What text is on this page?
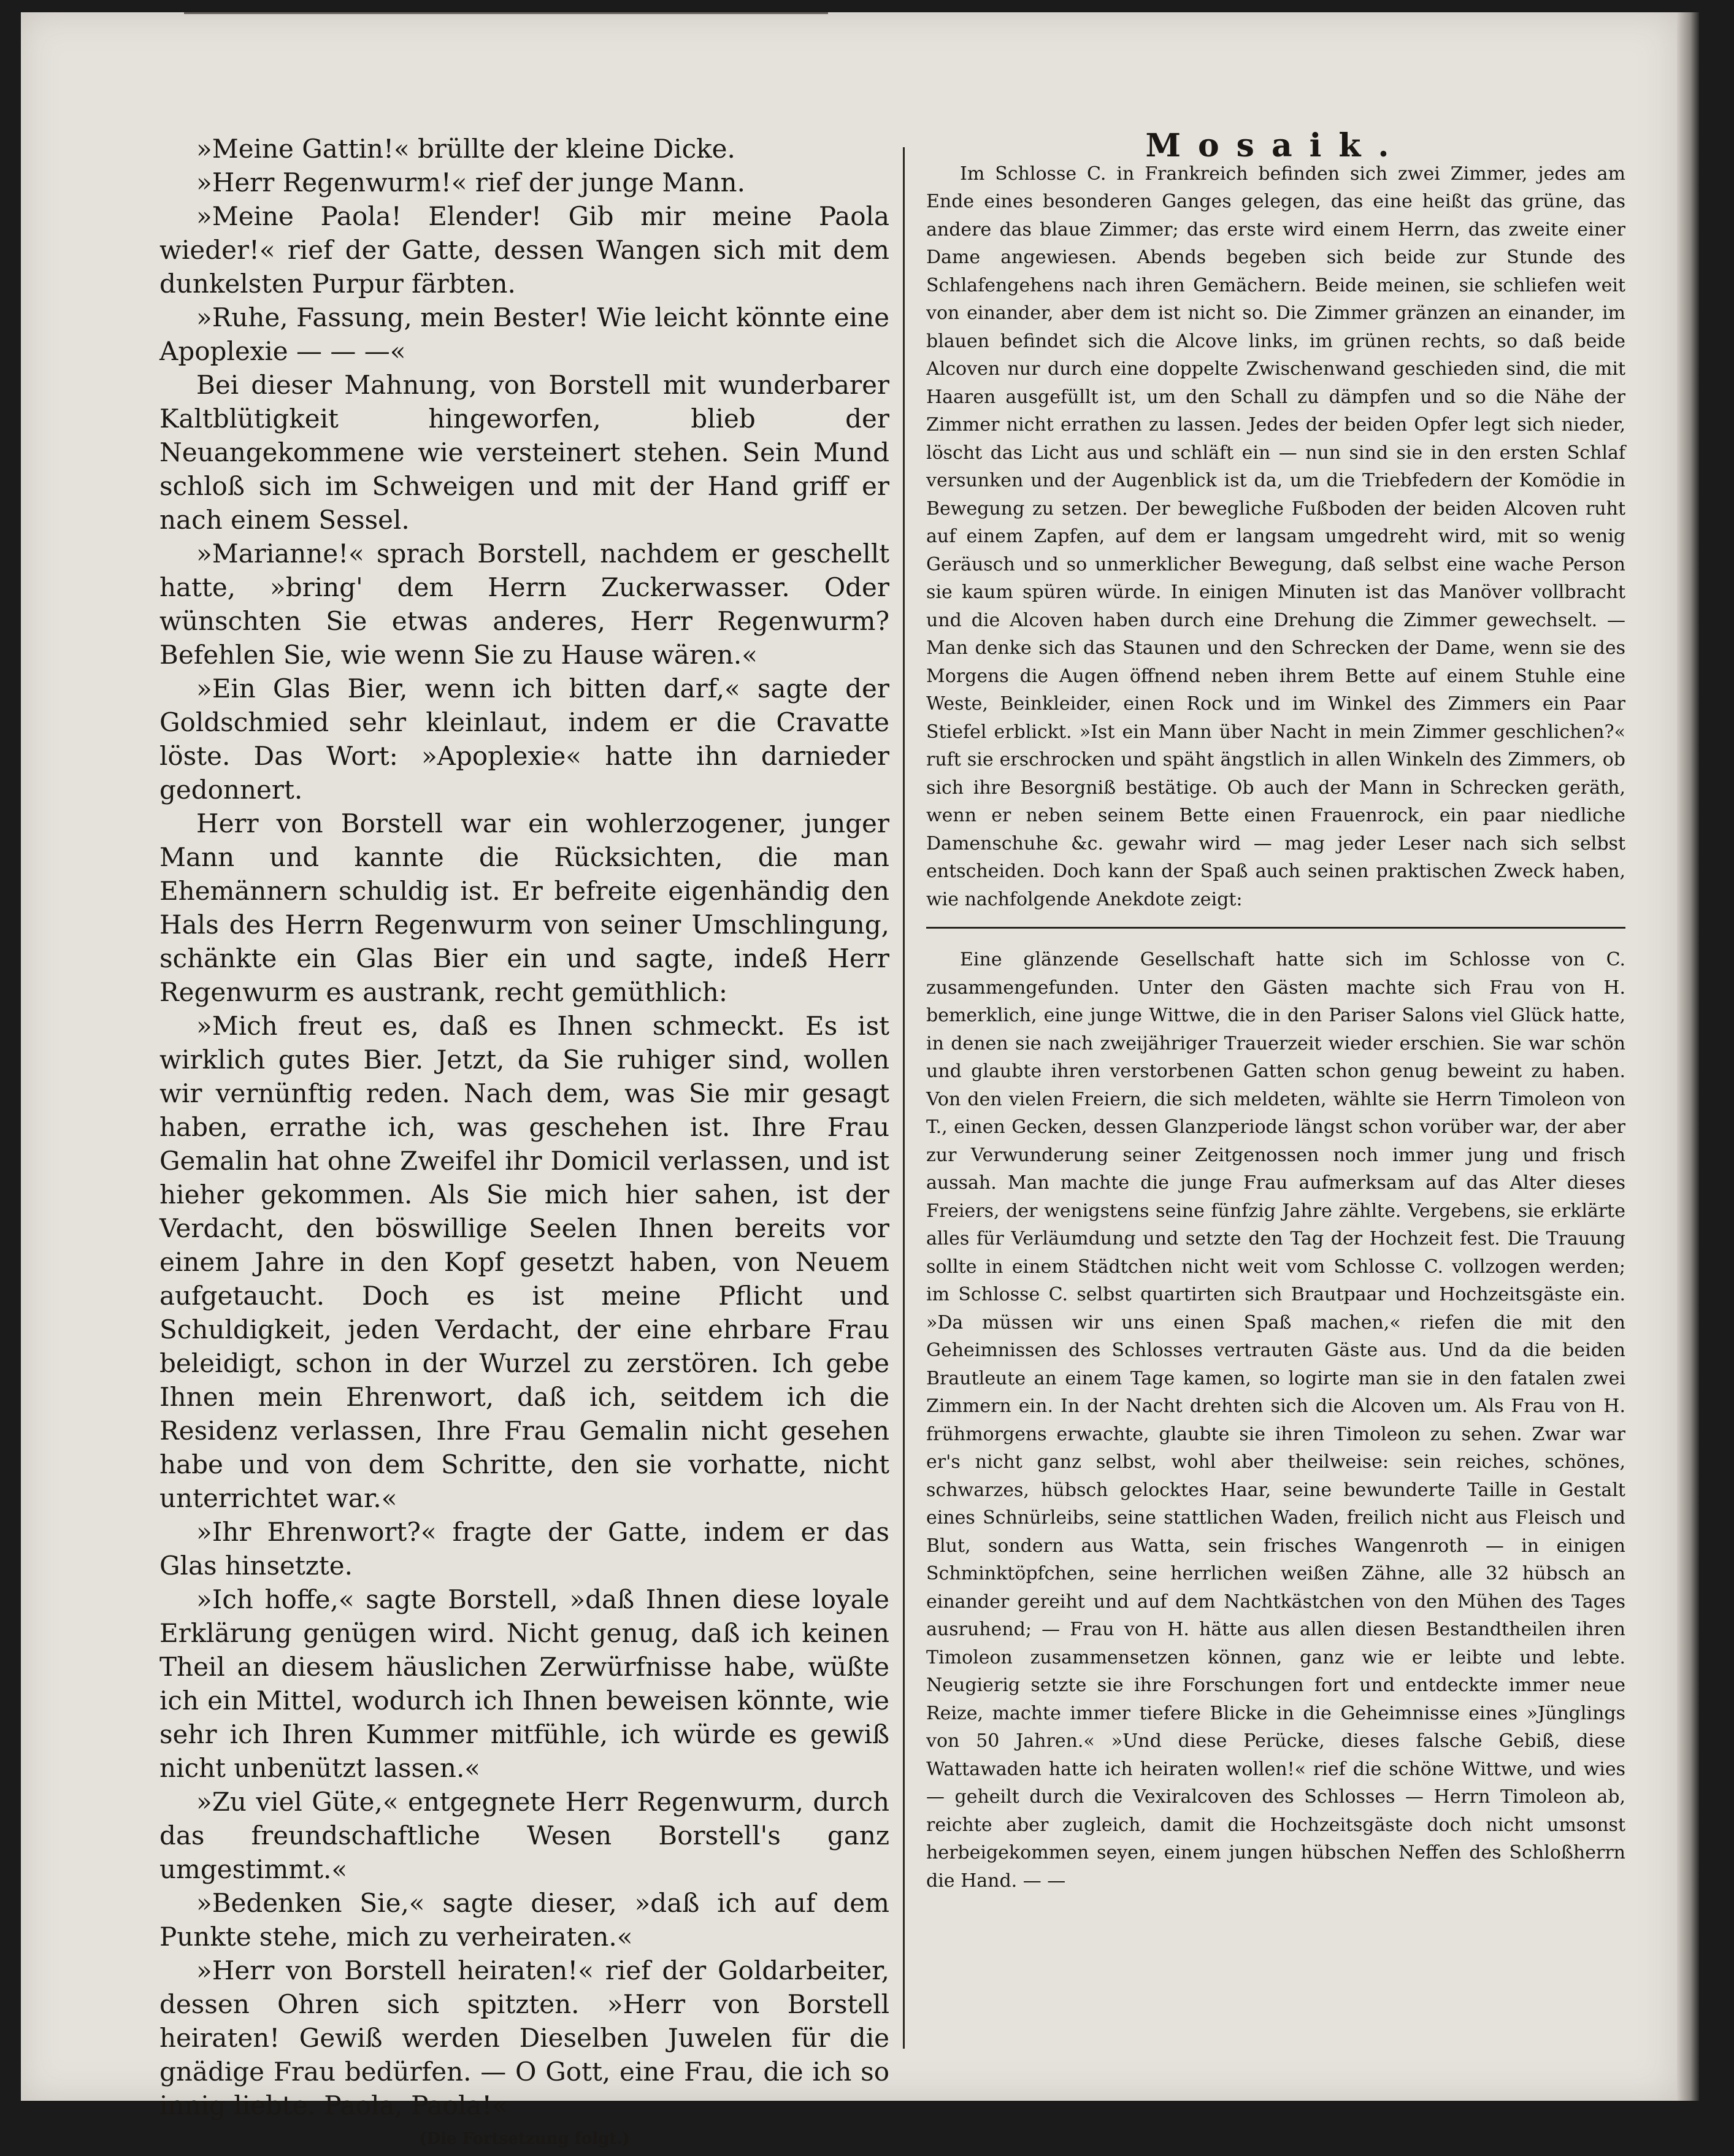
»Meine Gattin!« brüllte der kleine Dicke.

»Herr Regenwurm!« rief der junge Mann.

»Meine Paola! Elender! Gib mir meine Paola wieder!« rief der Gatte, dessen Wangen sich mit dem dunkelsten Purpur färbten.

»Ruhe, Fassung, mein Bester! Wie leicht könnte eine Apoplexie — — —«

Bei dieser Mahnung, von Borstell mit wunderbarer Kaltblütigkeit hingeworfen, blieb der Neuangekommene wie versteinert stehen. Sein Mund schloß sich im Schweigen und mit der Hand griff er nach einem Sessel.

»Marianne!« sprach Borstell, nachdem er geschellt hatte, »bring' dem Herrn Zuckerwasser. Oder wünschten Sie etwas anderes, Herr Regenwurm? Befehlen Sie, wie wenn Sie zu Hause wären.«

»Ein Glas Bier, wenn ich bitten darf,« sagte der Goldschmied sehr kleinlaut, indem er die Cravatte löste. Das Wort: »Apoplexie« hatte ihn darnieder gedonnert.

Herr von Borstell war ein wohlerzogener, junger Mann und kannte die Rücksichten, die man Ehemännern schuldig ist. Er befreite eigenhändig den Hals des Herrn Regenwurm von seiner Umschlingung, schänkte ein Glas Bier ein und sagte, indeß Herr Regenwurm es austrank, recht gemüthlich:

»Mich freut es, daß es Ihnen schmeckt. Es ist wirklich gutes Bier. Jetzt, da Sie ruhiger sind, wollen wir vernünftig reden. Nach dem, was Sie mir gesagt haben, errathe ich, was geschehen ist. Ihre Frau Gemalin hat ohne Zweifel ihr Domicil verlassen, und ist hieher gekommen. Als Sie mich hier sahen, ist der Verdacht, den böswillige Seelen Ihnen bereits vor einem Jahre in den Kopf gesetzt haben, von Neuem aufgetaucht. Doch es ist meine Pflicht und Schuldigkeit, jeden Verdacht, der eine ehrbare Frau beleidigt, schon in der Wurzel zu zerstören. Ich gebe Ihnen mein Ehrenwort, daß ich, seitdem ich die Residenz verlassen, Ihre Frau Gemalin nicht gesehen habe und von dem Schritte, den sie vorhatte, nicht unterrichtet war.«

»Ihr Ehrenwort?« fragte der Gatte, indem er das Glas hinsetzte.

»Ich hoffe,« sagte Borstell, »daß Ihnen diese loyale Erklärung genügen wird. Nicht genug, daß ich keinen Theil an diesem häuslichen Zerwürfnisse habe, wüßte ich ein Mittel, wodurch ich Ihnen beweisen könnte, wie sehr ich Ihren Kummer mitfühle, ich würde es gewiß nicht unbenützt lassen.«

»Zu viel Güte,« entgegnete Herr Regenwurm, durch das freundschaftliche Wesen Borstell's ganz umgestimmt.«

»Bedenken Sie,« sagte dieser, »daß ich auf dem Punkte stehe, mich zu verheiraten.«

»Herr von Borstell heiraten!« rief der Goldarbeiter, dessen Ohren sich spitzten. »Herr von Borstell heiraten! Gewiß werden Dieselben Juwelen für die gnädige Frau bedürfen. — O Gott, eine Frau, die ich so innig liebte. Paola, Paola!«

(Die Fortsetzung folgt.)

Mosaik.

Im Schlosse C. in Frankreich befinden sich zwei Zimmer, jedes am Ende eines besonderen Ganges gelegen, das eine heißt das grüne, das andere das blaue Zimmer; das erste wird einem Herrn, das zweite einer Dame angewiesen. Abends begeben sich beide zur Stunde des Schlafengehens nach ihren Gemächern. Beide meinen, sie schliefen weit von einander, aber dem ist nicht so. Die Zimmer gränzen an einander, im blauen befindet sich die Alcove links, im grünen rechts, so daß beide Alcoven nur durch eine doppelte Zwischenwand geschieden sind, die mit Haaren ausgefüllt ist, um den Schall zu dämpfen und so die Nähe der Zimmer nicht errathen zu lassen. Jedes der beiden Opfer legt sich nieder, löscht das Licht aus und schläft ein — nun sind sie in den ersten Schlaf versunken und der Augenblick ist da, um die Triebfedern der Komödie in Bewegung zu setzen. Der bewegliche Fußboden der beiden Alcoven ruht auf einem Zapfen, auf dem er langsam umgedreht wird, mit so wenig Geräusch und so unmerklicher Bewegung, daß selbst eine wache Person sie kaum spüren würde. In einigen Minuten ist das Manöver vollbracht und die Alcoven haben durch eine Drehung die Zimmer gewechselt. — Man denke sich das Staunen und den Schrecken der Dame, wenn sie des Morgens die Augen öffnend neben ihrem Bette auf einem Stuhle eine Weste, Beinkleider, einen Rock und im Winkel des Zimmers ein Paar Stiefel erblickt. »Ist ein Mann über Nacht in mein Zimmer geschlichen?« ruft sie erschrocken und späht ängstlich in allen Winkeln des Zimmers, ob sich ihre Besorgniß bestätige. Ob auch der Mann in Schrecken geräth, wenn er neben seinem Bette einen Frauenrock, ein paar niedliche Damenschuhe &c. gewahr wird — mag jeder Leser nach sich selbst entscheiden. Doch kann der Spaß auch seinen praktischen Zweck haben, wie nachfolgende Anekdote zeigt:

Eine glänzende Gesellschaft hatte sich im Schlosse von C. zusammengefunden. Unter den Gästen machte sich Frau von H. bemerklich, eine junge Wittwe, die in den Pariser Salons viel Glück hatte, in denen sie nach zweijähriger Trauerzeit wieder erschien. Sie war schön und glaubte ihren verstorbenen Gatten schon genug beweint zu haben. Von den vielen Freiern, die sich meldeten, wählte sie Herrn Timoleon von T., einen Gecken, dessen Glanzperiode längst schon vorüber war, der aber zur Verwunderung seiner Zeitgenossen noch immer jung und frisch aussah. Man machte die junge Frau aufmerksam auf das Alter dieses Freiers, der wenigstens seine fünfzig Jahre zählte. Vergebens, sie erklärte alles für Verläumdung und setzte den Tag der Hochzeit fest. Die Trauung sollte in einem Städtchen nicht weit vom Schlosse C. vollzogen werden; im Schlosse C. selbst quartirten sich Brautpaar und Hochzeitsgäste ein. »Da müssen wir uns einen Spaß machen,« riefen die mit den Geheimnissen des Schlosses vertrauten Gäste aus. Und da die beiden Brautleute an einem Tage kamen, so logirte man sie in den fatalen zwei Zimmern ein. In der Nacht drehten sich die Alcoven um. Als Frau von H. frühmorgens erwachte, glaubte sie ihren Timoleon zu sehen. Zwar war er's nicht ganz selbst, wohl aber theilweise: sein reiches, schönes, schwarzes, hübsch gelocktes Haar, seine bewunderte Taille in Gestalt eines Schnürleibs, seine stattlichen Waden, freilich nicht aus Fleisch und Blut, sondern aus Watta, sein frisches Wangenroth — in einigen Schminktöpfchen, seine herrlichen weißen Zähne, alle 32 hübsch an einander gereiht und auf dem Nachtkästchen von den Mühen des Tages ausruhend; — Frau von H. hätte aus allen diesen Bestandtheilen ihren Timoleon zusammensetzen können, ganz wie er leibte und lebte. Neugierig setzte sie ihre Forschungen fort und entdeckte immer neue Reize, machte immer tiefere Blicke in die Geheimnisse eines »Jünglings von 50 Jahren.« »Und diese Perücke, dieses falsche Gebiß, diese Wattawaden hatte ich heiraten wollen!« rief die schöne Wittwe, und wies — geheilt durch die Vexiralcoven des Schlosses — Herrn Timoleon ab, reichte aber zugleich, damit die Hochzeitsgäste doch nicht umsonst herbeigekommen seyen, einem jungen hübschen Neffen des Schloßherrn die Hand. — —
